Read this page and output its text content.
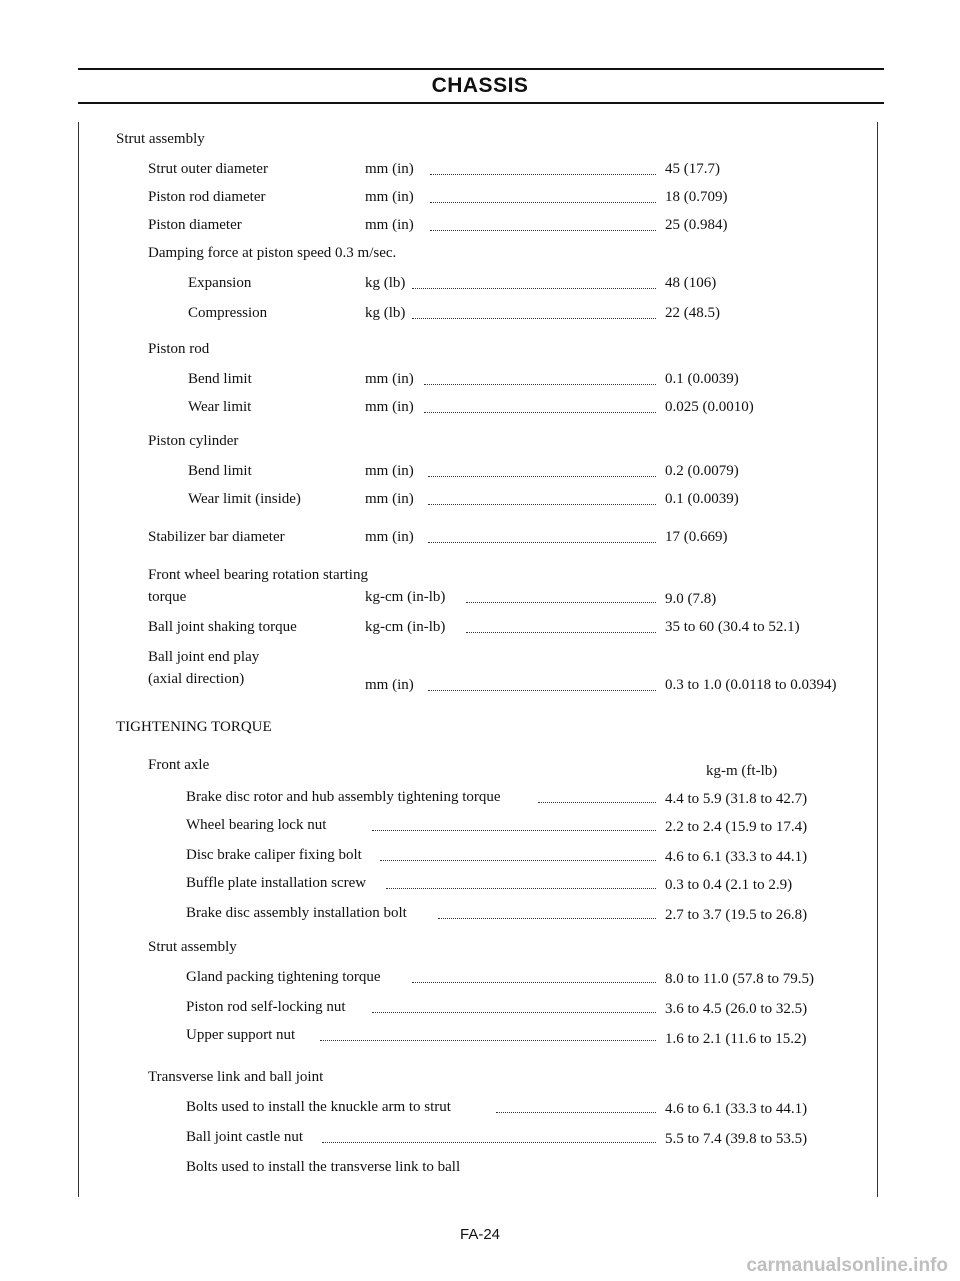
CHASSIS
Strut assembly
Strut outer diameter	mm (in)	45 (17.7)
Piston rod diameter	mm (in)	18 (0.709)
Piston diameter	mm (in)	25 (0.984)
Damping force at piston speed 0.3 m/sec.
Expansion	kg (lb)	48 (106)
Compression	kg (lb)	22 (48.5)
Piston rod
Bend limit	mm (in)	0.1 (0.0039)
Wear limit	mm (in)	0.025 (0.0010)
Piston cylinder
Bend limit	mm (in)	0.2 (0.0079)
Wear limit (inside)	mm (in)	0.1 (0.0039)
Stabilizer bar diameter	mm (in)	17 (0.669)
Front wheel bearing rotation starting
torque	kg-cm (in-lb)	9.0 (7.8)
Ball joint shaking torque	kg-cm (in-lb)	35 to 60 (30.4 to 52.1)
Ball joint end play
(axial direction)	mm (in)	0.3 to 1.0 (0.0118 to 0.0394)
TIGHTENING TORQUE
Front axle	kg-m (ft-lb)
Brake disc rotor and hub assembly tightening torque	4.4 to 5.9 (31.8 to 42.7)
Wheel bearing lock nut	2.2 to 2.4 (15.9 to 17.4)
Disc brake caliper fixing bolt	4.6 to 6.1 (33.3 to 44.1)
Buffle plate installation screw	0.3 to 0.4 (2.1 to 2.9)
Brake disc assembly installation bolt	2.7 to 3.7 (19.5 to 26.8)
Strut assembly
Gland packing tightening torque	8.0 to 11.0 (57.8 to 79.5)
Piston rod self-locking nut	3.6 to 4.5 (26.0 to 32.5)
Upper support nut	1.6 to 2.1 (11.6 to 15.2)
Transverse link and ball joint
Bolts used to install the knuckle arm to strut	4.6 to 6.1 (33.3 to 44.1)
Ball joint castle nut	5.5 to 7.4 (39.8 to 53.5)
Bolts used to install the transverse link to ball
FA-24
carmanualsonline.info
